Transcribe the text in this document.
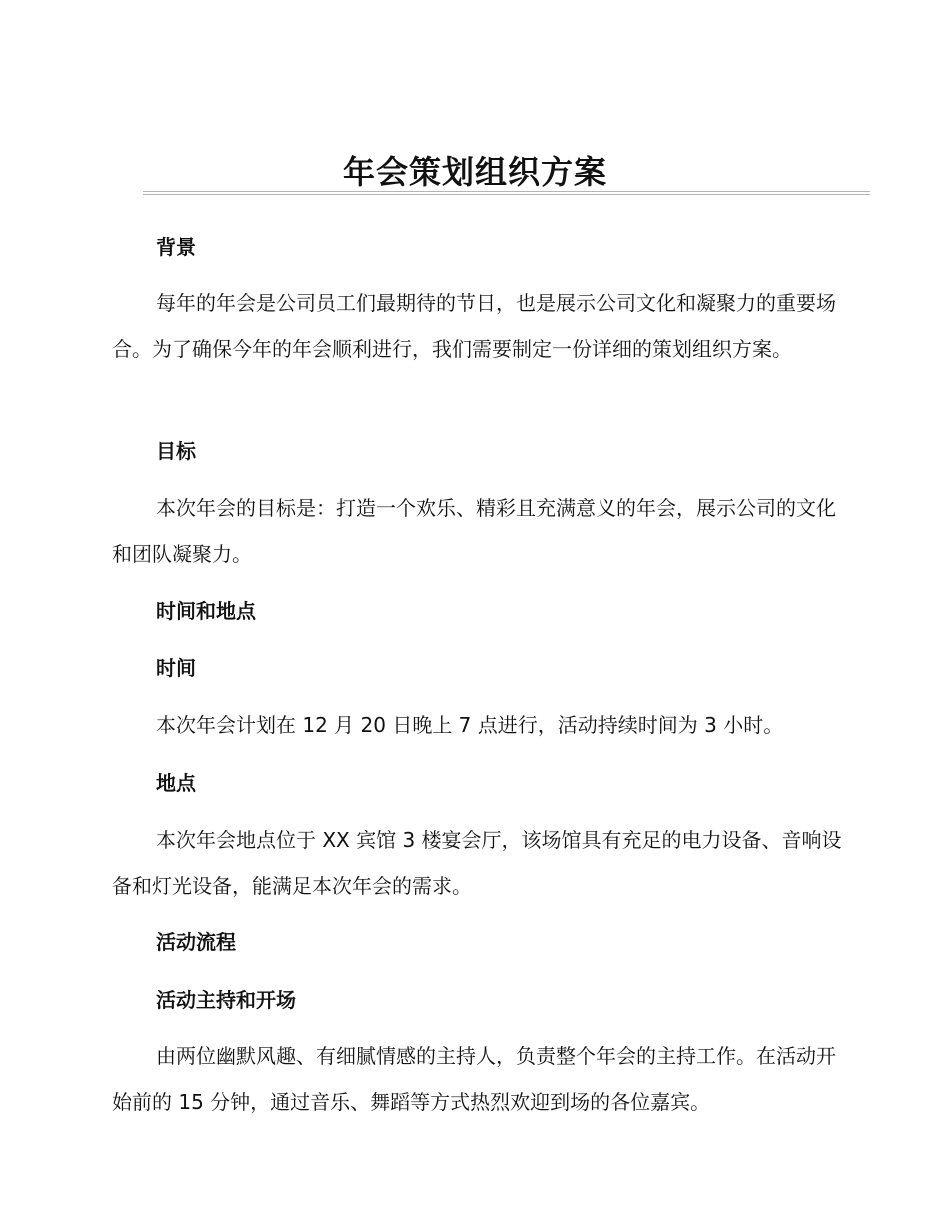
年会策划组织方案
背景

每年的年会是公司员工们最期待的节日，也是展示公司文化和凝聚力的重要场合。为了确保今年的年会顺利进行，我们需要制定一份详细的策划组织方案。

目标

本次年会的目标是：打造一个欢乐、精彩且充满意义的年会，展示公司的文化和团队凝聚力。

时间和地点
时间

本次年会计划在 12 月 20 日晚上 7 点进行，活动持续时间为 3 小时。

地点

本次年会地点位于 XX 宾馆 3 楼宴会厅，该场馆具有充足的电力设备、音响设备和灯光设备，能满足本次年会的需求。

活动流程
活动主持和开场

由两位幽默风趣、有细腻情感的主持人，负责整个年会的主持工作。在活动开始前的 15 分钟，通过音乐、舞蹈等方式热烈欢迎到场的各位嘉宾。
